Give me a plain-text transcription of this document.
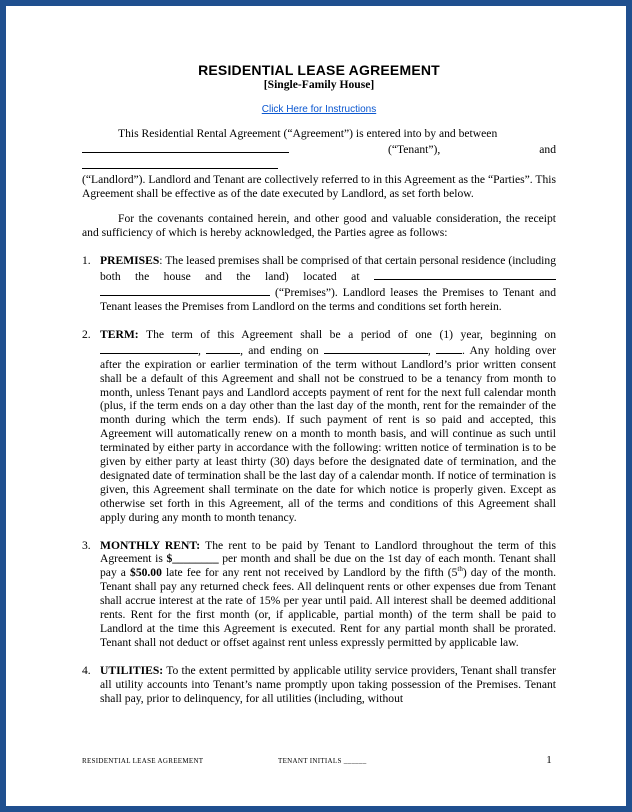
RESIDENTIAL LEASE AGREEMENT
[Single-Family House]
Click Here for Instructions

This Residential Rental Agreement (“Agreement”) is entered into by and between
(“Tenant”), and
(“Landlord”). Landlord and Tenant are collectively referred to in this Agreement as the “Parties”. This Agreement shall be effective as of the date executed by Landlord, as set forth below.

For the covenants contained herein, and other good and valuable consideration, the receipt and sufficiency of which is hereby acknowledged, the Parties agree as follows:

1. PREMISES: The leased premises shall be comprised of that certain personal residence (including both the house and the land) located at   (“Premises”). Landlord leases the Premises to Tenant and Tenant leases the Premises from Landlord on the terms and conditions set forth herein.
2. TERM: The term of this Agreement shall be a period of one (1) year, beginning on ,	, and ending on	, . Any holding over after the expiration or earlier termination of the term without Landlord’s prior written consent shall be a default of this Agreement and shall not be construed to be a tenancy from month to month, unless Tenant pays and Landlord accepts payment of rent for the next full calendar month (plus, if the term ends on a day other than the last day of the month, rent for the remainder of the month during which the term ends). If such payment of rent is so paid and accepted, this Agreement will automatically renew on a month to month basis, and will continue as such until terminated by either party in accordance with the following: written notice of termination is to be given by either party at least thirty (30) days before the designated date of termination, and the designated date of termination shall be the last day of a calendar month. If notice of termination is given, this Agreement shall terminate on the date for which notice is properly given. Except as otherwise set forth in this Agreement, all of the terms and conditions of this Agreement shall apply during any month to month tenancy.
3. MONTHLY RENT: The rent to be paid by Tenant to Landlord throughout the term of this Agreement is $________ per month and shall be due on the 1st day of each month. Tenant shall pay a $50.00 late fee for any rent not received by Landlord by the fifth (5th) day of the month. Tenant shall pay any returned check fees. All delinquent rents or other expenses due from Tenant shall accrue interest at the rate of 15% per year until paid. All interest shall be deemed additional rents. Rent for the first month (or, if applicable, partial month) of the term shall be paid to Landlord at the time this Agreement is executed. Rent for any partial month shall be prorated. Tenant shall not deduct or offset against rent unless expressly permitted by applicable law.
4. UTILITIES: To the extent permitted by applicable utility service providers, Tenant shall transfer all utility accounts into Tenant’s name promptly upon taking possession of the Premises. Tenant shall pay, prior to delinquency, for all utilities (including, without
RESIDENTIAL LEASE AGREEMENT	TENANT INITIALS ______	1
